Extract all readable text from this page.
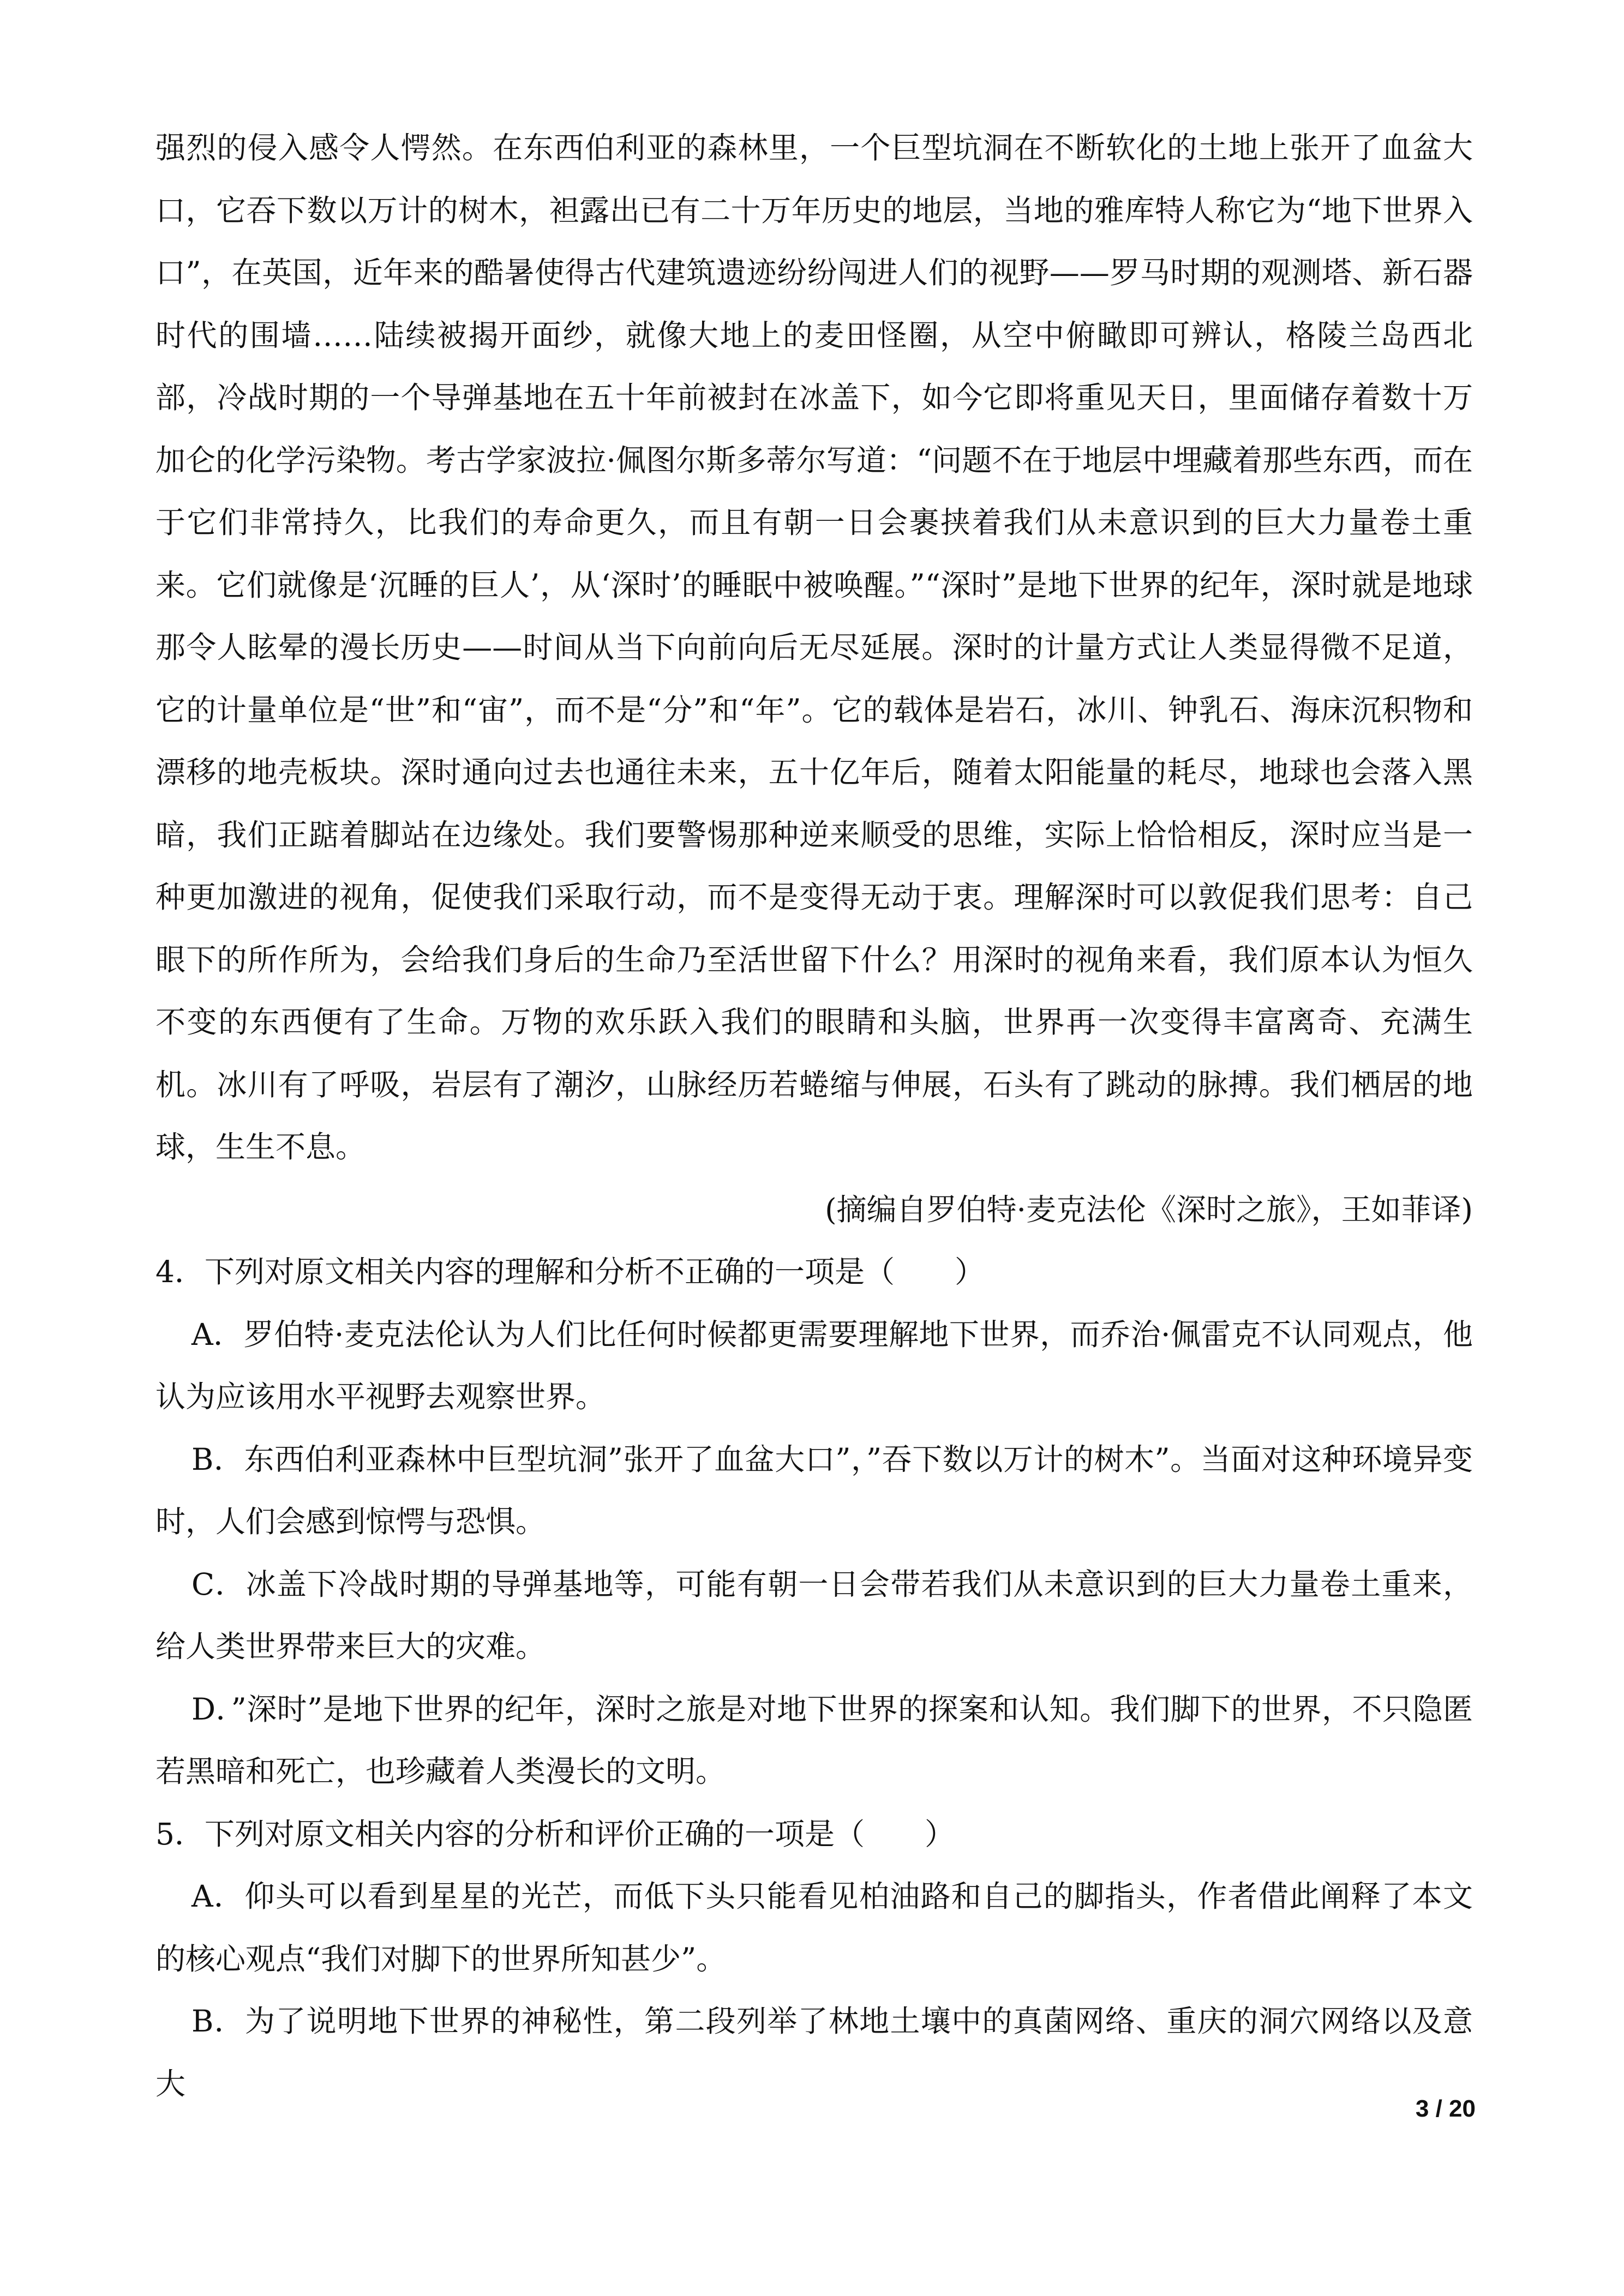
强烈的侵入感令人愕然。在东西伯利亚的森林里，一个巨型坑洞在不断软化的土地上张开了血盆大口，它吞下数以万计的树木，袒露出已有二十万年历史的地层，当地的雅库特人称它为“地下世界入口”，在英国，近年来的酷暑使得古代建筑遗迹纷纷闯进人们的视野——罗马时期的观测塔、新石器时代的围墙……陆续被揭开面纱，就像大地上的麦田怪圈，从空中俯瞰即可辨认，格陵兰岛西北部，冷战时期的一个导弹基地在五十年前被封在冰盖下，如今它即将重见天日，里面储存着数十万加仑的化学污染物。考古学家波拉·佩图尔斯多蒂尔写道：“问题不在于地层中埋藏着那些东西，而在于它们非常持久，比我们的寿命更久，而且有朝一日会裹挟着我们从未意识到的巨大力量卷土重来。它们就像是‘沉睡的巨人’，从‘深时’的睡眠中被唤醒。”“深时”是地下世界的纪年，深时就是地球那令人眩晕的漫长历史——时间从当下向前向后无尽延展。深时的计量方式让人类显得微不足道，它的计量单位是“世”和“宙”，而不是“分”和“年”。它的载体是岩石，冰川、钟乳石、海床沉积物和漂移的地壳板块。深时通向过去也通往未来，五十亿年后，随着太阳能量的耗尽，地球也会落入黑暗，我们正踮着脚站在边缘处。我们要警惕那种逆来顺受的思维，实际上恰恰相反，深时应当是一种更加激进的视角，促使我们采取行动，而不是变得无动于衷。理解深时可以敦促我们思考：自己眼下的所作所为，会给我们身后的生命乃至活世留下什么？用深时的视角来看，我们原本认为恒久不变的东西便有了生命。万物的欢乐跃入我们的眼睛和头脑，世界再一次变得丰富离奇、充满生机。冰川有了呼吸，岩层有了潮汐，山脉经历若蜷缩与伸展，石头有了跳动的脉搏。我们栖居的地球，生生不息。

(摘编自罗伯特·麦克法伦《深时之旅》，王如菲译)

4．下列对原文相关内容的理解和分析不正确的一项是（　　）

A．罗伯特·麦克法伦认为人们比任何时候都更需要理解地下世界，而乔治·佩雷克不认同观点，他认为应该用水平视野去观察世界。

B．东西伯利亚森林中巨型坑洞”张开了血盆大口”，”吞下数以万计的树木”。当面对这种环境异变时，人们会感到惊愕与恐惧。

C．冰盖下冷战时期的导弹基地等，可能有朝一日会带若我们从未意识到的巨大力量卷土重来，给人类世界带来巨大的灾难。

D．”深时”是地下世界的纪年，深时之旅是对地下世界的探案和认知。我们脚下的世界，不只隐匿若黑暗和死亡，也珍藏着人类漫长的文明。

5．下列对原文相关内容的分析和评价正确的一项是（　　）

A．仰头可以看到星星的光芒，而低下头只能看见柏油路和自己的脚指头，作者借此阐释了本文的核心观点“我们对脚下的世界所知甚少”。

B．为了说明地下世界的神秘性，第二段列举了林地土壤中的真菌网络、重庆的洞穴网络以及意大

3 / 20
